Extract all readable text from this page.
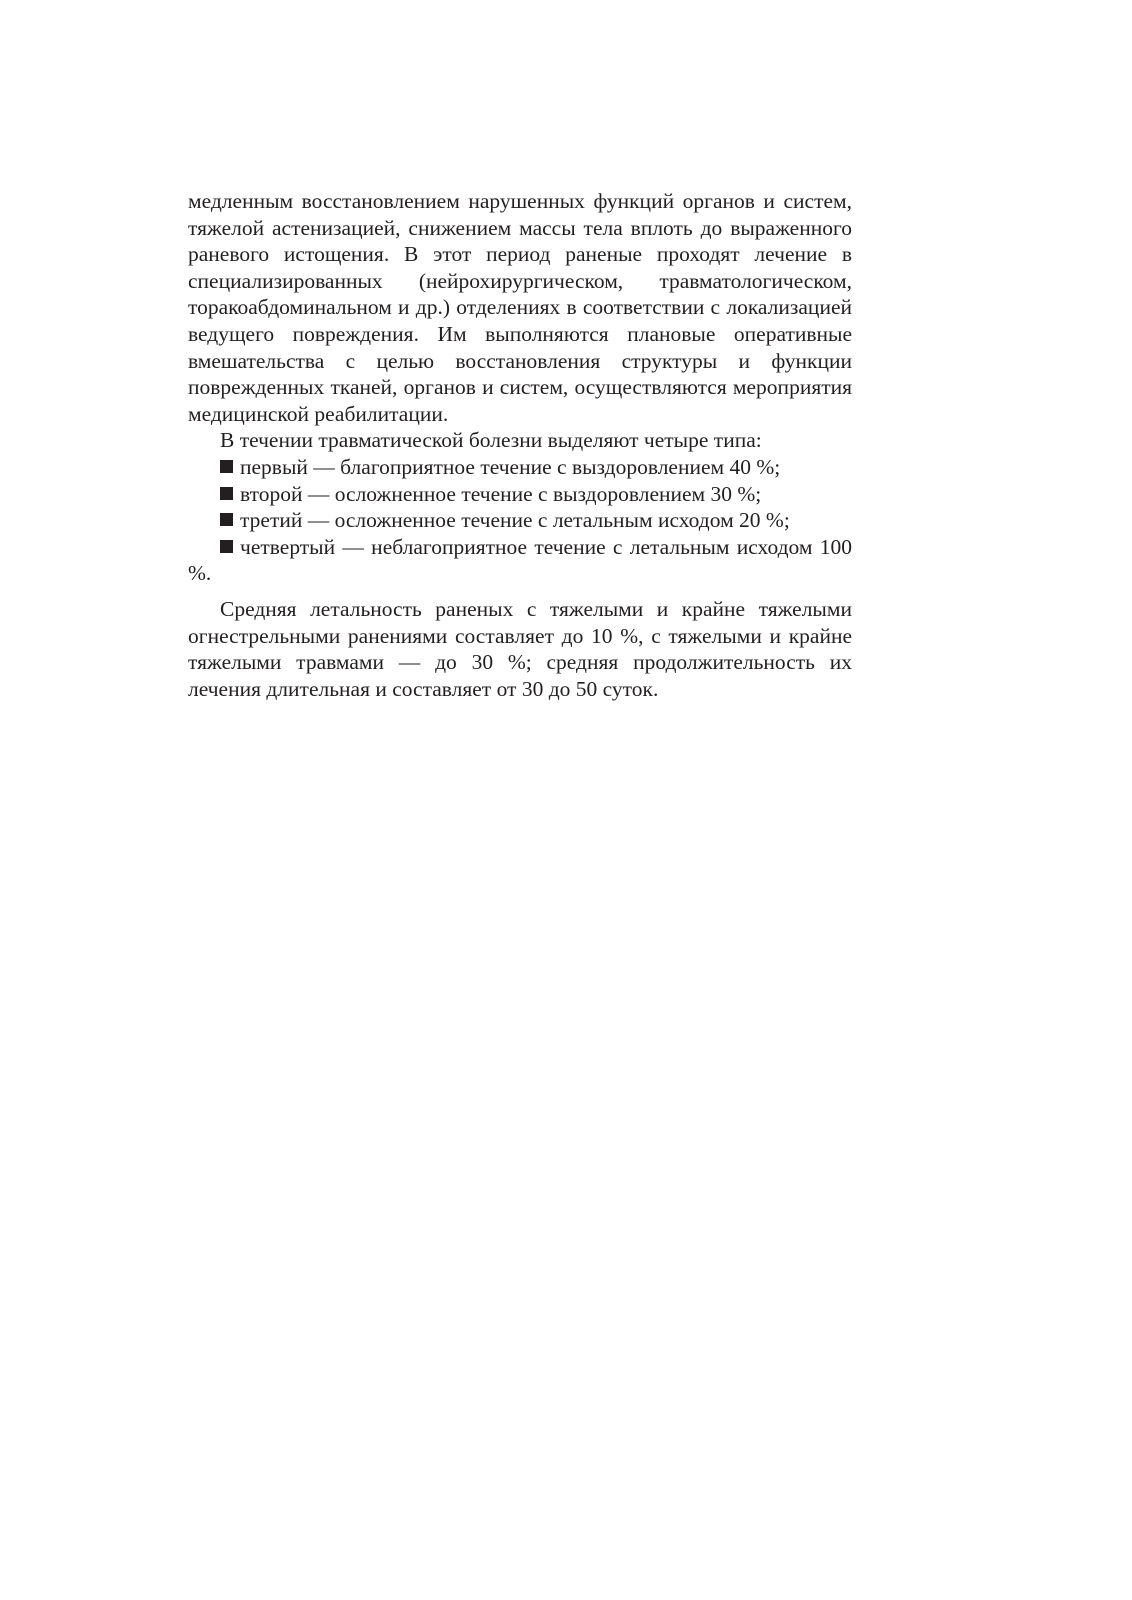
медленным восстановлением нарушенных функций органов и систем, тяжелой астенизацией, снижением массы тела вплоть до выраженного раневого истощения. В этот период раненые проходят лечение в специализированных (нейрохирургическом, травматологическом, торакоабдоминальном и др.) отделениях в соответствии с локализацией ведущего повреждения. Им выполняются плановые оперативные вмешательства с целью восстановления структуры и функции поврежденных тканей, органов и систем, осуществляются мероприятия медицинской реабилитации.

В течении травматической болезни выделяют четыре типа:

первый — благоприятное течение с выздоровлением 40 %;
второй — осложненное течение с выздоровлением 30 %;
третий — осложненное течение с летальным исходом 20 %;
четвертый — неблагоприятное течение с летальным исходом 100 %.

Средняя летальность раненых с тяжелыми и крайне тяжелыми огнестрельными ранениями составляет до 10 %, с тяжелыми и крайне тяжелыми травмами — до 30 %; средняя продолжительность их лечения длительная и составляет от 30 до 50 суток.
